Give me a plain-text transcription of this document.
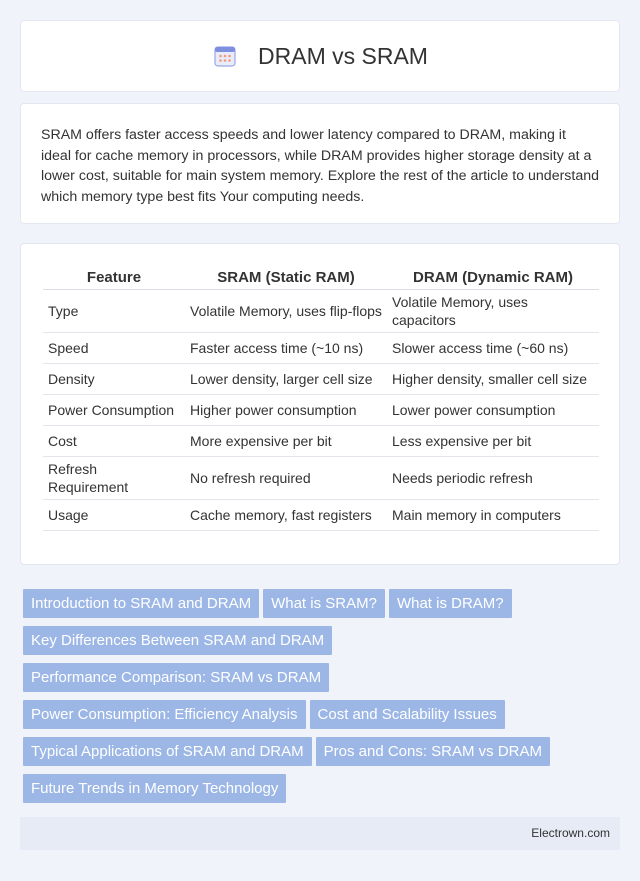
DRAM vs SRAM

SRAM offers faster access speeds and lower latency compared to DRAM, making it ideal for cache memory in processors, while DRAM provides higher storage density at a lower cost, suitable for main system memory. Explore the rest of the article to understand which memory type best fits Your computing needs.

Feature	SRAM (Static RAM)	DRAM (Dynamic RAM)
Type	Volatile Memory, uses flip-flops	Volatile Memory, uses capacitors
Speed	Faster access time (~10 ns)	Slower access time (~60 ns)
Density	Lower density, larger cell size	Higher density, smaller cell size
Power Consumption	Higher power consumption	Lower power consumption
Cost	More expensive per bit	Less expensive per bit
Refresh Requirement	No refresh required	Needs periodic refresh
Usage	Cache memory, fast registers	Main memory in computers
Introduction to SRAM and DRAM What is SRAM? What is DRAM?
Key Differences Between SRAM and DRAM
Performance Comparison: SRAM vs DRAM
Power Consumption: Efficiency Analysis Cost and Scalability Issues
Typical Applications of SRAM and DRAM Pros and Cons: SRAM vs DRAM
Future Trends in Memory Technology
Electrown.com
